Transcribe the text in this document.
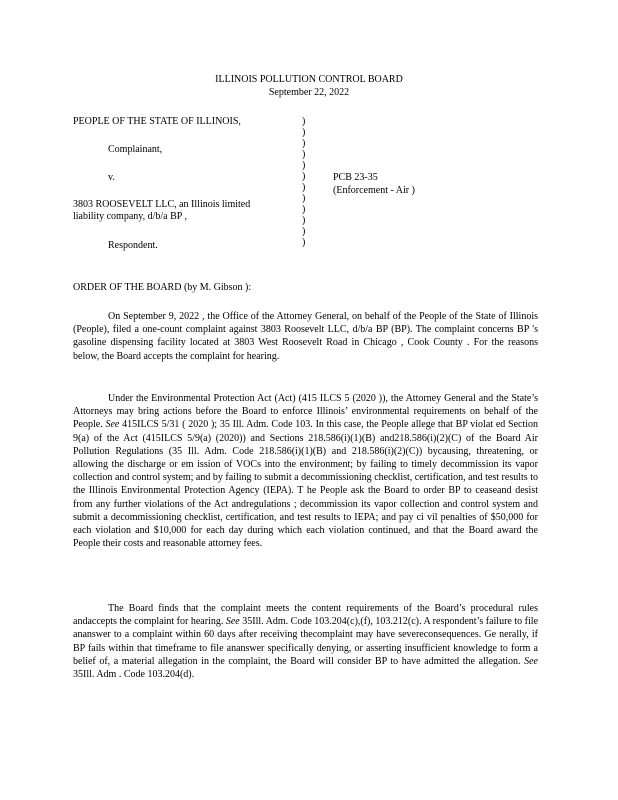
ILLINOIS POLLUTION CONTROL BOARD
September 22, 2022
PEOPLE OF THE STATE OF ILLINOIS,
Complainant,
v.
3803 ROOSEVELT LLC, an Illinois limited
liability company, d/b/a BP ,
Respondent.
)
)
)
)
)
)
)
)
)
)
)
)
PCB 23-35
(Enforcement - Air )
ORDER OF THE BOARD (by M. Gibson ):
On September 9, 2022 , the Office of the Attorney General, on behalf of the People of the State of Illinois (People), filed a one-count complaint against 3803 Roosevelt LLC, d/b/a BP (BP). The complaint concerns BP 's gasoline dispensing facility located at 3803 West Roosevelt Road in Chicago , Cook County . For the reasons below, the Board accepts the complaint for hearing.
Under the Environmental Protection Act (Act) (415 ILCS 5 (2020 )), the Attorney General and the State’s Attorneys may bring actions before the Board to enforce Illinois’ environmental requirements on behalf of the People. See 415ILCS 5/31 ( 2020 ); 35 Ill. Adm. Code 103. In this case, the People allege that BP violat ed Section 9(a) of the Act (415ILCS 5/9(a) (2020)) and Sections 218.586(i)(1)(B) and218.586(i)(2)(C) of the Board Air Pollution Regulations (35 Ill. Adm. Code 218.586(i)(1)(B) and 218.586(i)(2)(C)) bycausing, threatening, or allowing the discharge or em ission of VOCs into the environment; by failing to timely decommission its vapor collection and control system; and by failing to submit a decommissioning checklist, certification, and test results to the Illinois Environmental Protection Agency (IEPA). T he People ask the Board to order BP to ceaseand desist from any further violations of the Act andregulations ; decommission its vapor collection and control system and submit a decommissioning checklist, certification, and test results to IEPA; and pay ci vil penalties of $50,000 for each violation and $10,000 for each day during which each violation continued, and that the Board award the People their costs and reasonable attorney fees.
The Board finds that the complaint meets the content requirements of the Board’s procedural rules andaccepts the complaint for hearing. See 35Ill. Adm. Code 103.204(c),(f), 103.212(c). A respondent’s failure to file ananswer to a complaint within 60 days after receiving thecomplaint may have severeconsequences. Ge nerally, if BP fails within that timeframe to file ananswer specifically denying, or asserting insufficient knowledge to form a belief of, a material allegation in the complaint, the Board will consider BP to have admitted the allegation. See 35Ill. Adm . Code 103.204(d).
